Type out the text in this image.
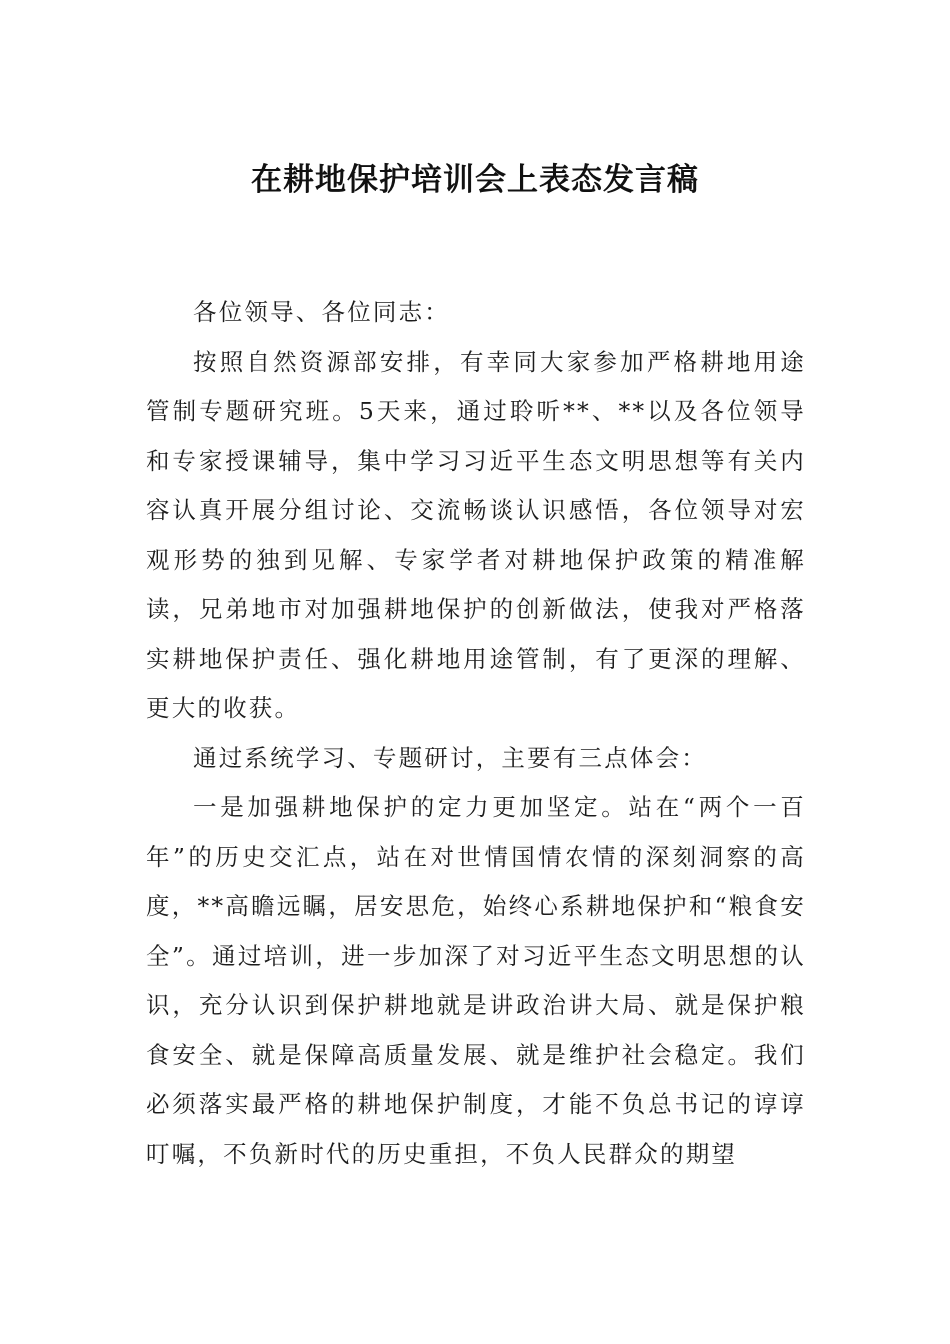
在耕地保护培训会上表态发言稿

各位领导、各位同志：

按照自然资源部安排，有幸同大家参加严格耕地用途管制专题研究班。5天来，通过聆听**、**以及各位领导和专家授课辅导，集中学习习近平生态文明思想等有关内容认真开展分组讨论、交流畅谈认识感悟，各位领导对宏观形势的独到见解、专家学者对耕地保护政策的精准解读，兄弟地市对加强耕地保护的创新做法，使我对严格落实耕地保护责任、强化耕地用途管制，有了更深的理解、更大的收获。

通过系统学习、专题研讨，主要有三点体会：

一是加强耕地保护的定力更加坚定。站在“两个一百年”的历史交汇点，站在对世情国情农情的深刻洞察的高度，**高瞻远瞩，居安思危，始终心系耕地保护和“粮食安全”。通过培训，进一步加深了对习近平生态文明思想的认识，充分认识到保护耕地就是讲政治讲大局、就是保护粮食安全、就是保障高质量发展、就是维护社会稳定。我们必须落实最严格的耕地保护制度，才能不负总书记的谆谆叮嘱，不负新时代的历史重担，不负人民群众的期望
